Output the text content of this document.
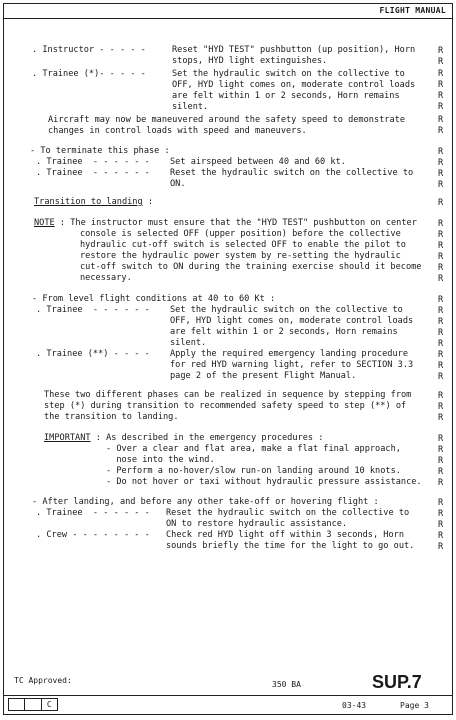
FLIGHT MANUAL
. Instructor - - - - -	Reset "HYD TEST" pushbutton (up position), Horn
stops, HYD light extinguishes.
. Trainee (*)- - - - -	Set the hydraulic switch on the collective to
OFF, HYD light comes on, moderate control loads
are felt within 1 or 2 seconds, Horn remains
silent.
Aircraft may now be maneuvered around the safety speed to demonstrate
changes in control loads with speed and maneuvers.
- To terminate this phase :
. Trainee  - - - - - - Set airspeed between 40 and 60 kt.
. Trainee  - - - - - - Reset the hydraulic switch on the collective to
ON.
Transition to landing :
NOTE : The instructor must ensure that the "HYD TEST" pushbutton on center
console is selected OFF (upper position) before the collective
hydraulic cut-off switch is selected OFF to enable the pilot to
restore the hydraulic power system by re-setting the hydraulic
cut-off switch to ON during the training exercise should it become
necessary.
- From level flight conditions at 40 to 60 Kt :
. Trainee  - - - - - - Set the hydraulic switch on the collective to
OFF, HYD light comes on, moderate control loads
are felt within 1 or 2 seconds, Horn remains
silent.
. Trainee (**) - - - - Apply the required emergency landing procedure
for red HYD warning light, refer to SECTION 3.3
page 2 of the present Flight Manual.
These two different phases can be realized in sequence by stepping from
step (*) during transition to recommended safety speed to step (**) of
the transition to landing.
IMPORTANT : As described in the emergency procedures :
- Over a clear and flat area, make a flat final approach,
nose into the wind.
- Perform a no-hover/slow run-on landing around 10 knots.
- Do not hover or taxi without hydraulic pressure assistance.
- After landing, and before any other take-off or hovering flight :
. Trainee  - - - - - - Reset the hydraulic switch on the collective to
ON to restore hydraulic assistance.
. Crew - - - - - - - - Check red HYD light off within 3 seconds, Horn
sounds briefly the time for the light to go out.
R
R
R
R
R
R
R
R
R
R
R
R
R
R
R
R
R
R
R
R
R
R
R
R
R
R
R
R
R
R
R
R
R
R
R
R
R
R
R
R
TC Approved:	350 BA	SUP.7
C	03-43	Page 3
